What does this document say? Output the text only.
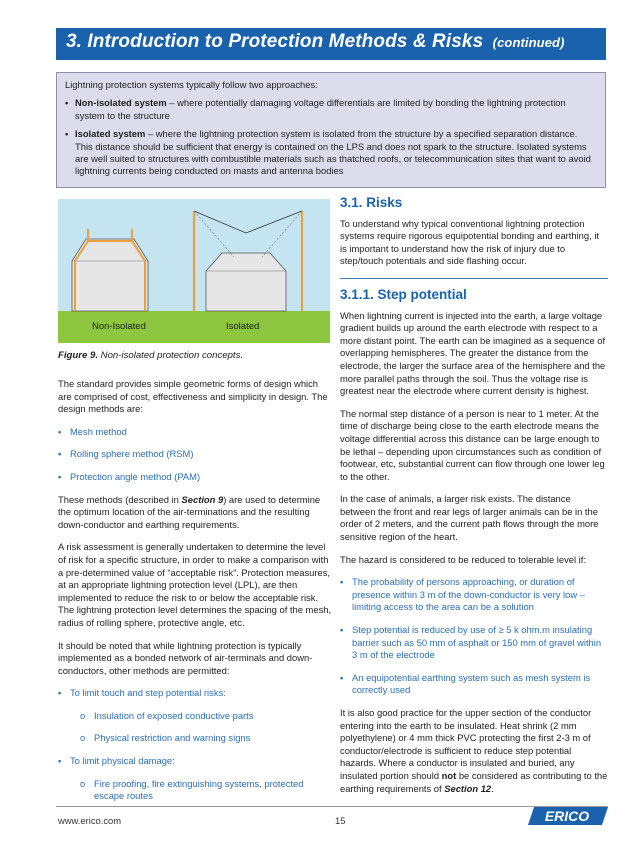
3. Introduction to Protection Methods & Risks (continued)
Lightning protection systems typically follow two approaches:
• Non-isolated system – where potentially damaging voltage differentials are limited by bonding the lightning protection system to the structure
• Isolated system – where the lightning protection system is isolated from the structure by a specified separation distance. This distance should be sufficient that energy is contained on the LPS and does not spark to the structure. Isolated systems are well suited to structures with combustible materials such as thatched roofs, or telecommunication sites that want to avoid lightning currents being conducted on masts and antenna bodies
Non-Isolated	Isolated
Figure 9. Non-isolated protection concepts.

The standard provides simple geometric forms of design which are comprised of cost, effectiveness and simplicity in design. The design methods are:

• Mesh method
• Rolling sphere method (RSM)
• Protection angle method (PAM)

These methods (described in Section 9) are used to determine the optimum location of the air-terminations and the resulting down-conductor and earthing requirements.

A risk assessment is generally undertaken to determine the level of risk for a specific structure, in order to make a comparison with a pre-determined value of “acceptable risk”. Protection measures, at an appropriate lightning protection level (LPL), are then implemented to reduce the risk to or below the acceptable risk. The lightning protection level determines the spacing of the mesh, radius of rolling sphere, protective angle, etc.

It should be noted that while lightning protection is typically implemented as a bonded network of air-terminals and down-conductors, other methods are permitted:

• To limit touch and step potential risks:
o Insulation of exposed conductive parts
o Physical restriction and warning signs
• To limit physical damage:
o Fire proofing, fire extinguishing systems, protected escape routes
3.1. Risks

To understand why typical conventional lightning protection systems require rigorous equipotential bonding and earthing, it is important to understand how the risk of injury due to step/touch potentials and side flashing occur.

3.1.1. Step potential

When lightning current is injected into the earth, a large voltage gradient builds up around the earth electrode with respect to a more distant point. The earth can be imagined as a sequence of overlapping hemispheres. The greater the distance from the electrode, the larger the surface area of the hemisphere and the more parallel paths through the soil. Thus the voltage rise is greatest near the electrode where current density is highest.

The normal step distance of a person is near to 1 meter. At the time of discharge being close to the earth electrode means the voltage differential across this distance can be large enough to be lethal – depending upon circumstances such as condition of footwear, etc, substantial current can flow through one lower leg to the other.

In the case of animals, a larger risk exists. The distance between the front and rear legs of larger animals can be in the order of 2 meters, and the current path flows through the more sensitive region of the heart.

The hazard is considered to be reduced to tolerable level if:

• The probability of persons approaching, or duration of presence within 3 m of the down-conductor is very low – limiting access to the area can be a solution
• Step potential is reduced by use of ≥ 5 k ohm.m insulating barrier such as 50 mm of asphalt or 150 mm of gravel within 3 m of the electrode
• An equipotential earthing system such as mesh system is correctly used

It is also good practice for the upper section of the conductor entering into the earth to be insulated. Heat shrink (2 mm polyethylene) or 4 mm thick PVC protecting the first 2-3 m of conductor/electrode is sufficient to reduce step potential hazards. Where a conductor is insulated and buried, any insulated portion should not be considered as contributing to the earthing requirements of Section 12.

www.erico.com	15	ERICO
